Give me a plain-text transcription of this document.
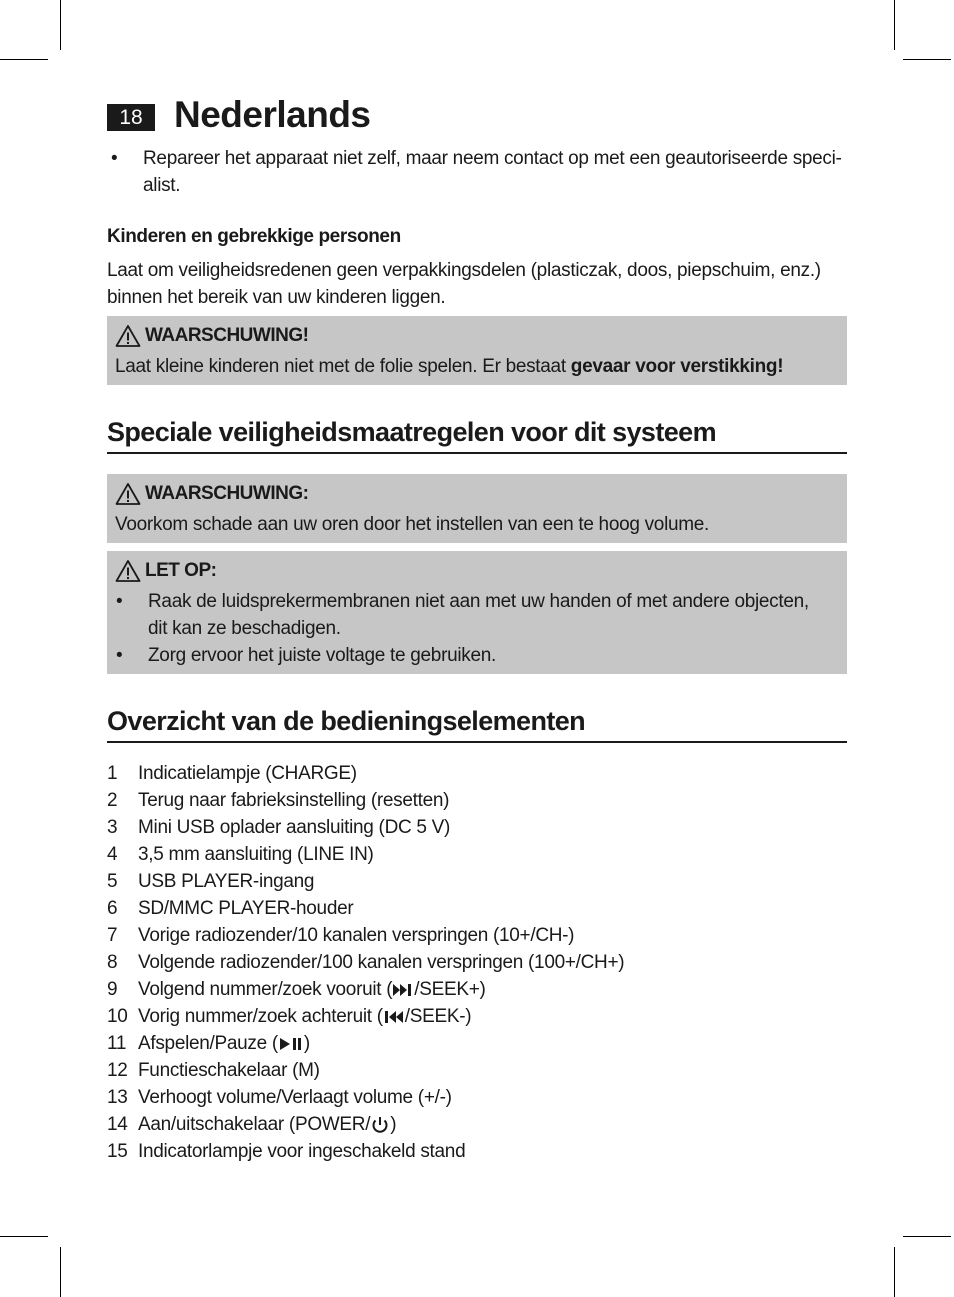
18 Nederlands
• Repareer het apparaat niet zelf, maar neem contact op met een geautoriseerde speci-
alist.
Kinderen en gebrekkige personen
Laat om veiligheidsredenen geen verpakkingsdelen (plasticzak, doos, piepschuim, enz.)
binnen het bereik van uw kinderen liggen.
WAARSCHUWING!
Laat kleine kinderen niet met de folie spelen. Er bestaat gevaar voor verstikking!
Speciale veiligheidsmaatregelen voor dit systeem
WAARSCHUWING:
Voorkom schade aan uw oren door het instellen van een te hoog volume.
LET OP:
• Raak de luidsprekermembranen niet aan met uw handen of met andere objecten,
dit kan ze beschadigen.
• Zorg ervoor het juiste voltage te gebruiken.
Overzicht van de bedieningselementen
1 Indicatielampje (CHARGE)
2 Terug naar fabrieksinstelling (resetten)
3 Mini USB oplader aansluiting (DC 5 V)
4 3,5 mm aansluiting (LINE IN)
5 USB PLAYER-ingang
6 SD/MMC PLAYER-houder
7 Vorige radiozender/10 kanalen verspringen (10+/CH-)
8 Volgende radiozender/100 kanalen verspringen (100+/CH+)
9 Volgend nummer/zoek vooruit ( /SEEK+)
10 Vorig nummer/zoek achteruit ( /SEEK-)
11 Afspelen/Pauze ( )
12 Functieschakelaar (M)
13 Verhoogt volume/Verlaagt volume (+/-)
14 Aan/uitschakelaar (POWER/ )
15 Indicatorlampje voor ingeschakeld stand
